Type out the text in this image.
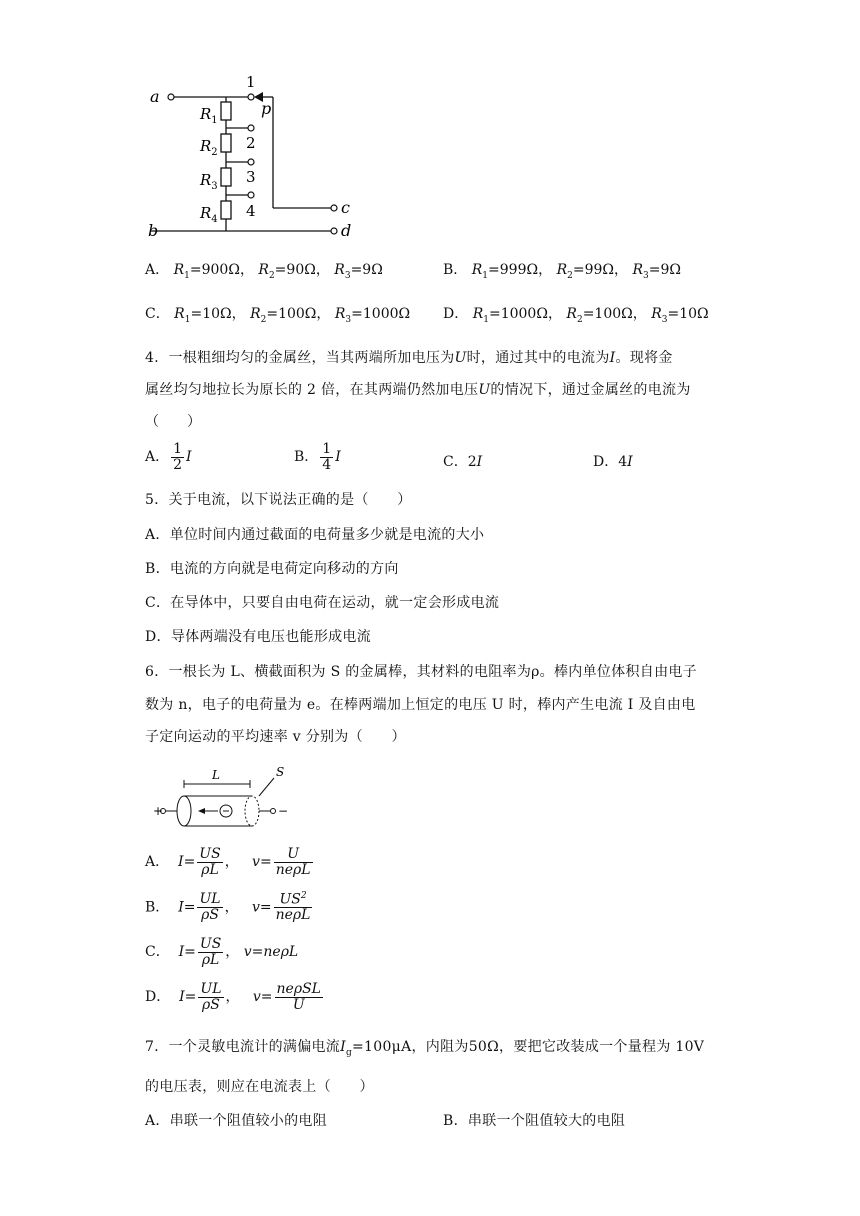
a
b
c
d
p
1
2
3
4
$R_1$
$R_2$
$R_3$
$R_4$
A． $R_1=900\Omega$， $R_2=90\Omega$， $R_3=9\Omega$	B． $R_1=999\Omega$， $R_2=99\Omega$， $R_3=9\Omega$
C． $R_1=10\Omega$， $R_2=100\Omega$， $R_3=1000\Omega$ D． $R_1=1000\Omega$， $R_2=100\Omega$， $R_3=10\Omega$
4．一根粗细均匀的金属丝，当其两端所加电压为U时，通过其中的电流为I。现将金
属丝均匀地拉长为原长的 2 倍，在其两端仍然加电压U的情况下，通过金属丝的电流为
（　　）
A． $\frac{1}{2}$ I	B． $\frac{1}{4}$ I	C．2I	D．4I
5．关于电流，以下说法正确的是（　　）
A．单位时间内通过截面的电荷量多少就是电流的大小
B．电流的方向就是电荷定向移动的方向
C．在导体中，只要自由电荷在运动，就一定会形成电流
D．导体两端没有电压也能形成电流
6．一根长为 L、横截面积为 S 的金属棒，其材料的电阻率为ρ。棒内单位体积自由电子
数为 n，电子的电荷量为 e。在棒两端加上恒定的电压 U 时，棒内产生电流 I 及自由电
子定向运动的平均速率 v 分别为（　　）
L	S
+	−
A． $I= \frac{US}{\rho L}$ ，   $v= \frac{U}{\text{neρL}}$
B． $I= \frac{UL}{\rho S}$ ，   $v= \frac{US^2}{\text{neρL}}$
C． $I= \frac{US}{\rho L}$ ， v=neρL
D． $I= \frac{UL}{\rho S}$ ，   $v= \frac{\text{neρSL}}{U}$
7．一个灵敏电流计的满偏电流$I_g=100\mu A$，内阻为50Ω，要把它改装成一个量程为 10V
的电压表，则应在电流表上（　　）
A．串联一个阻值较小的电阻	B．串联一个阻值较大的电阻
